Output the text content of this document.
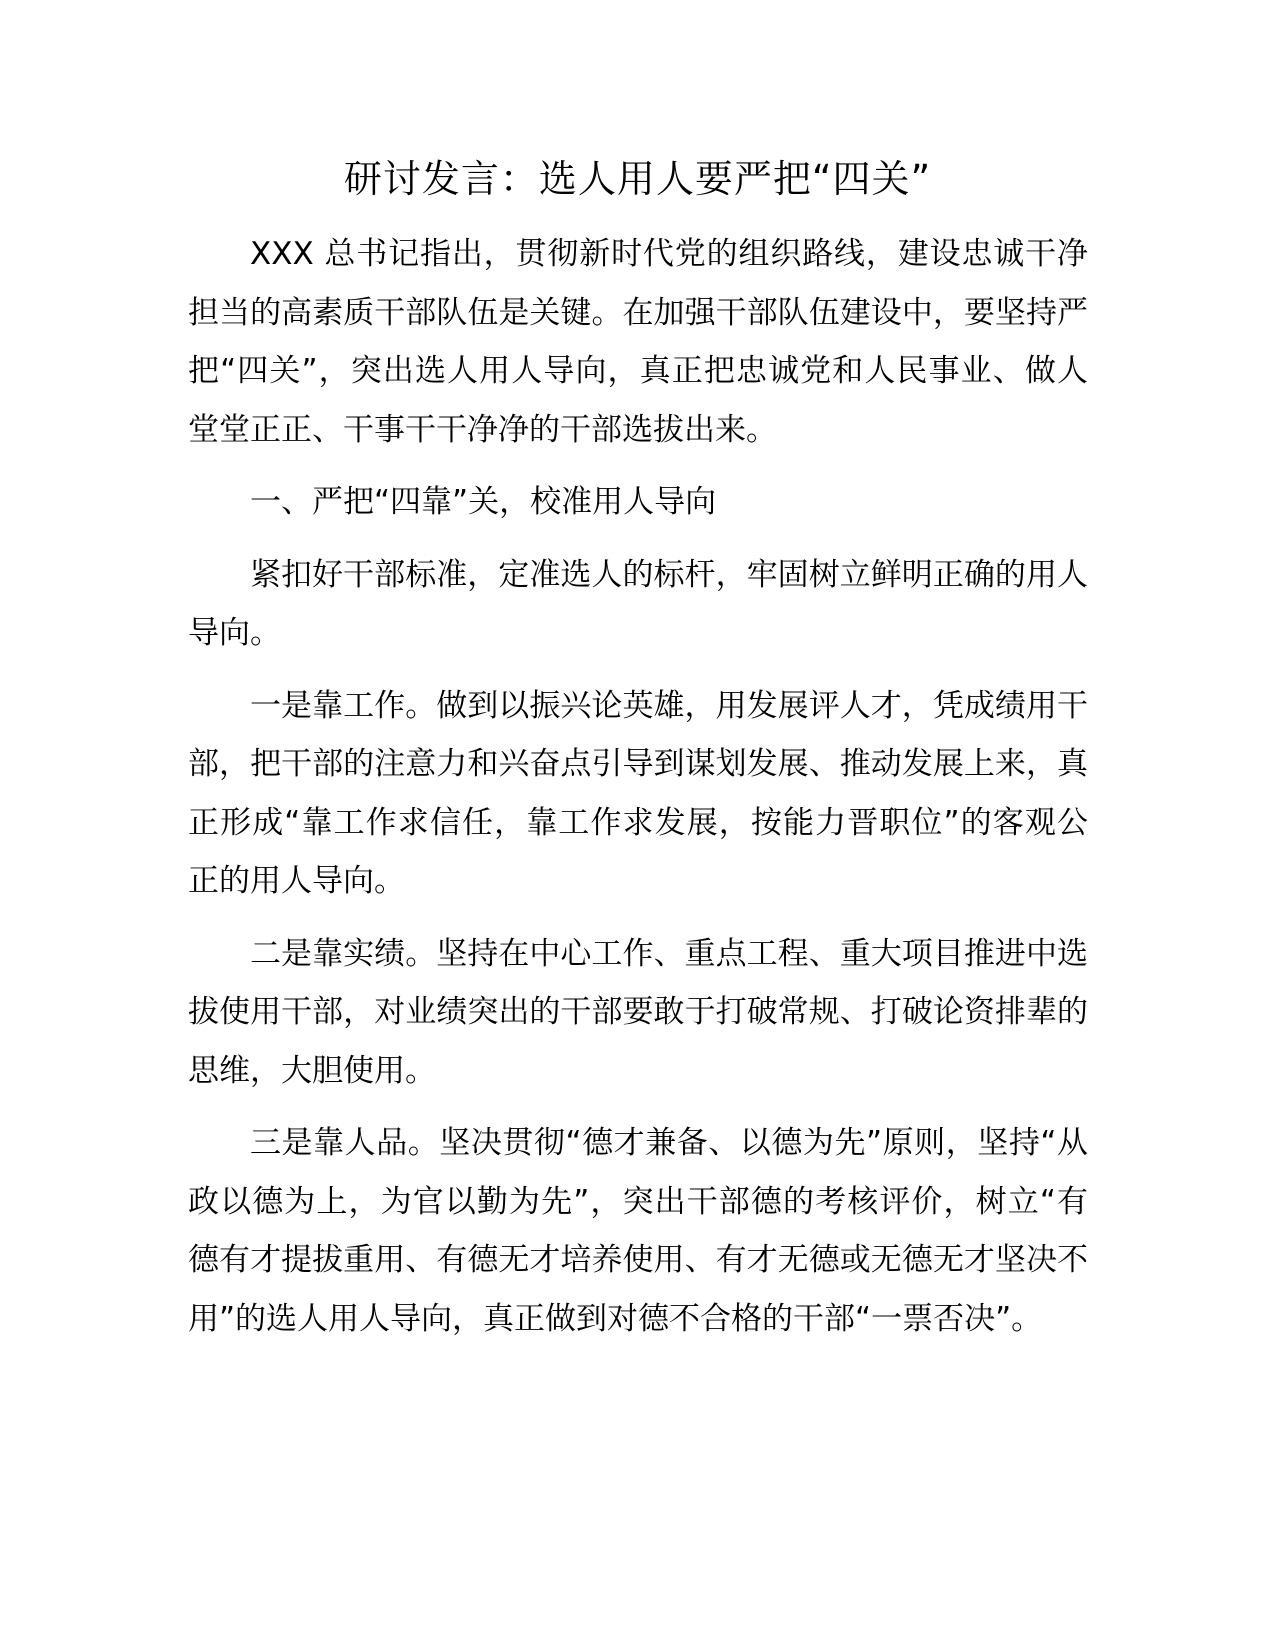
研讨发言：选人用人要严把“四关”

XXX 总书记指出，贯彻新时代党的组织路线，建设忠诚干净担当的高素质干部队伍是关键。在加强干部队伍建设中，要坚持严把“四关”，突出选人用人导向，真正把忠诚党和人民事业、做人堂堂正正、干事干干净净的干部选拔出来。

一、严把“四靠”关，校准用人导向

紧扣好干部标准，定准选人的标杆，牢固树立鲜明正确的用人导向。

一是靠工作。做到以振兴论英雄，用发展评人才，凭成绩用干部，把干部的注意力和兴奋点引导到谋划发展、推动发展上来，真正形成“靠工作求信任，靠工作求发展，按能力晋职位”的客观公正的用人导向。

二是靠实绩。坚持在中心工作、重点工程、重大项目推进中选拔使用干部，对业绩突出的干部要敢于打破常规、打破论资排辈的思维，大胆使用。

三是靠人品。坚决贯彻“德才兼备、以德为先”原则，坚持“从政以德为上，为官以勤为先”，突出干部德的考核评价，树立“有德有才提拔重用、有德无才培养使用、有才无德或无德无才坚决不用”的选人用人导向，真正做到对德不合格的干部“一票否决”。
